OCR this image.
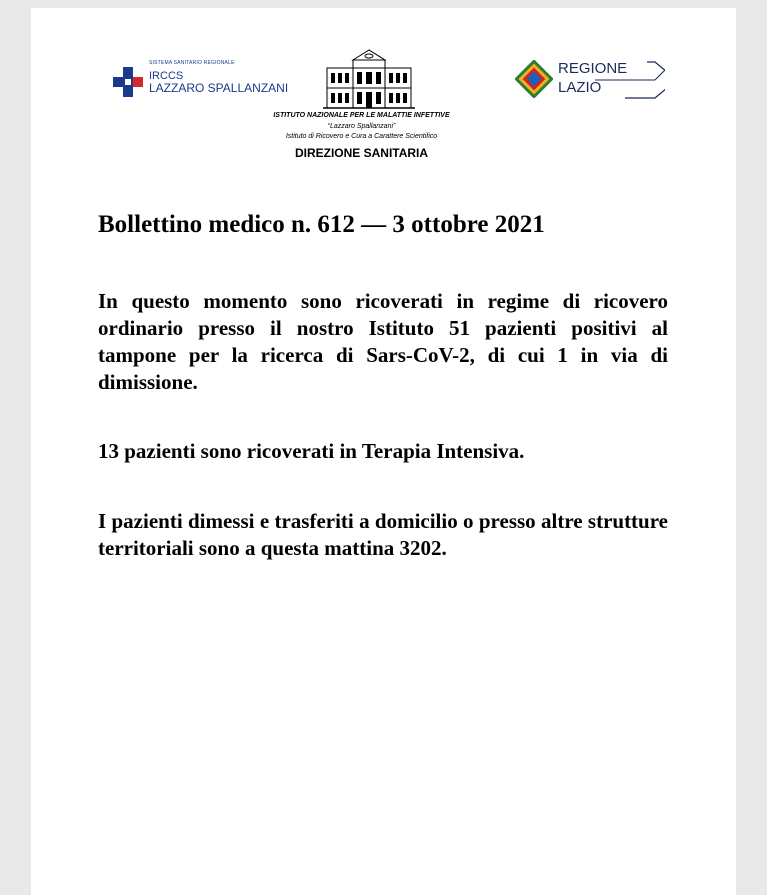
SISTEMA SANITARIO REGIONALE
IRCCS
LAZZARO SPALLANZANI
ISTITUTO NAZIONALE PER LE MALATTIE INFETTIVE
“Lazzaro Spallanzani”
Istituto di Ricovero e Cura a Carattere Scientifico
DIREZIONE SANITARIA
REGIONE
LAZIO
Bollettino medico n. 612 — 3 ottobre 2021

In questo momento sono ricoverati in regime di ricovero ordinario presso il nostro Istituto 51 pazienti positivi al tampone per la ricerca di Sars-CoV-2, di cui 1 in via di dimissione.

13 pazienti sono ricoverati in Terapia Intensiva.

I pazienti dimessi e trasferiti a domicilio o presso altre strutture territoriali sono a questa mattina 3202.
